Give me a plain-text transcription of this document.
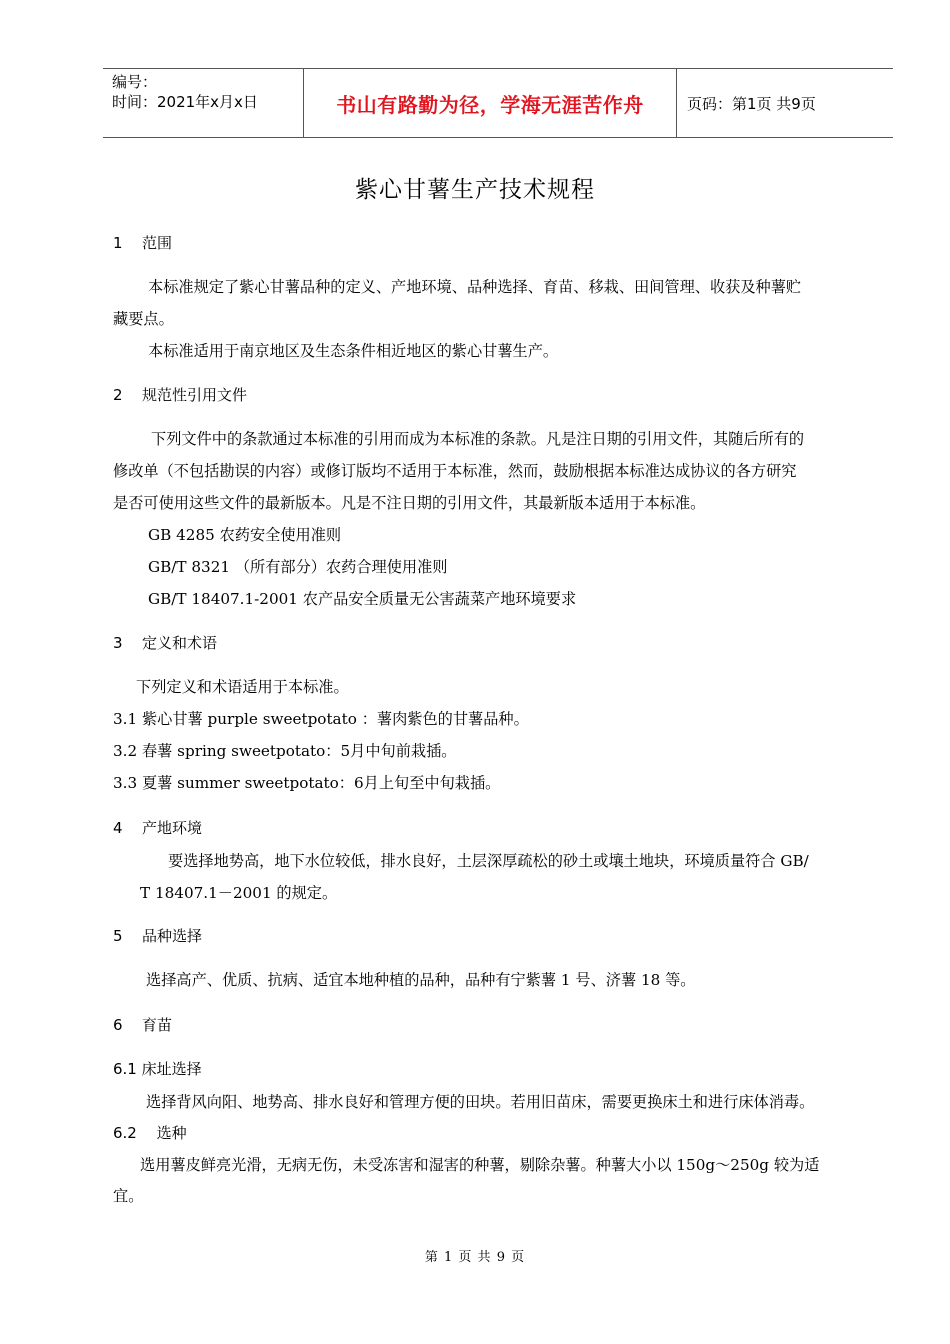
编号：
时间：2021年x月x日	书山有路勤为径，学海无涯苦作舟	页码：第1页 共9页
紫心甘薯生产技术规程
1 范围
本标准规定了紫心甘薯品种的定义、产地环境、品种选择、育苗、移栽、田间管理、收获及种薯贮
藏要点。
本标准适用于南京地区及生态条件相近地区的紫心甘薯生产。
2 规范性引用文件
下列文件中的条款通过本标准的引用而成为本标准的条款。凡是注日期的引用文件，其随后所有的
修改单（不包括勘误的内容）或修订版均不适用于本标准，然而，鼓励根据本标准达成协议的各方研究
是否可使用这些文件的最新版本。凡是不注日期的引用文件，其最新版本适用于本标准。
GB 4285 农药安全使用准则
GB/T 8321 （所有部分）农药合理使用准则
GB/T 18407.1-2001 农产品安全质量无公害蔬菜产地环境要求
3 定义和术语
下列定义和术语适用于本标准。
3.1 紫心甘薯 purple sweetpotato ：薯肉紫色的甘薯品种。
3.2 春薯 spring sweetpotato：5月中旬前栽插。
3.3 夏薯 summer sweetpotato：6月上旬至中旬栽插。
4 产地环境
要选择地势高，地下水位较低，排水良好，土层深厚疏松的砂土或壤土地块，环境质量符合 GB/
T 18407.1－2001 的规定。
5 品种选择
选择高产、优质、抗病、适宜本地种植的品种，品种有宁紫薯 1 号、济薯 18 等。
6 育苗
6.1 床址选择
选择背风向阳、地势高、排水良好和管理方便的田块。若用旧苗床，需要更换床土和进行床体消毒。
6.2　 选种
选用薯皮鲜亮光滑，无病无伤，未受冻害和湿害的种薯，剔除杂薯。种薯大小以 150g～250g 较为适
宜。
第 1 页 共 9 页
